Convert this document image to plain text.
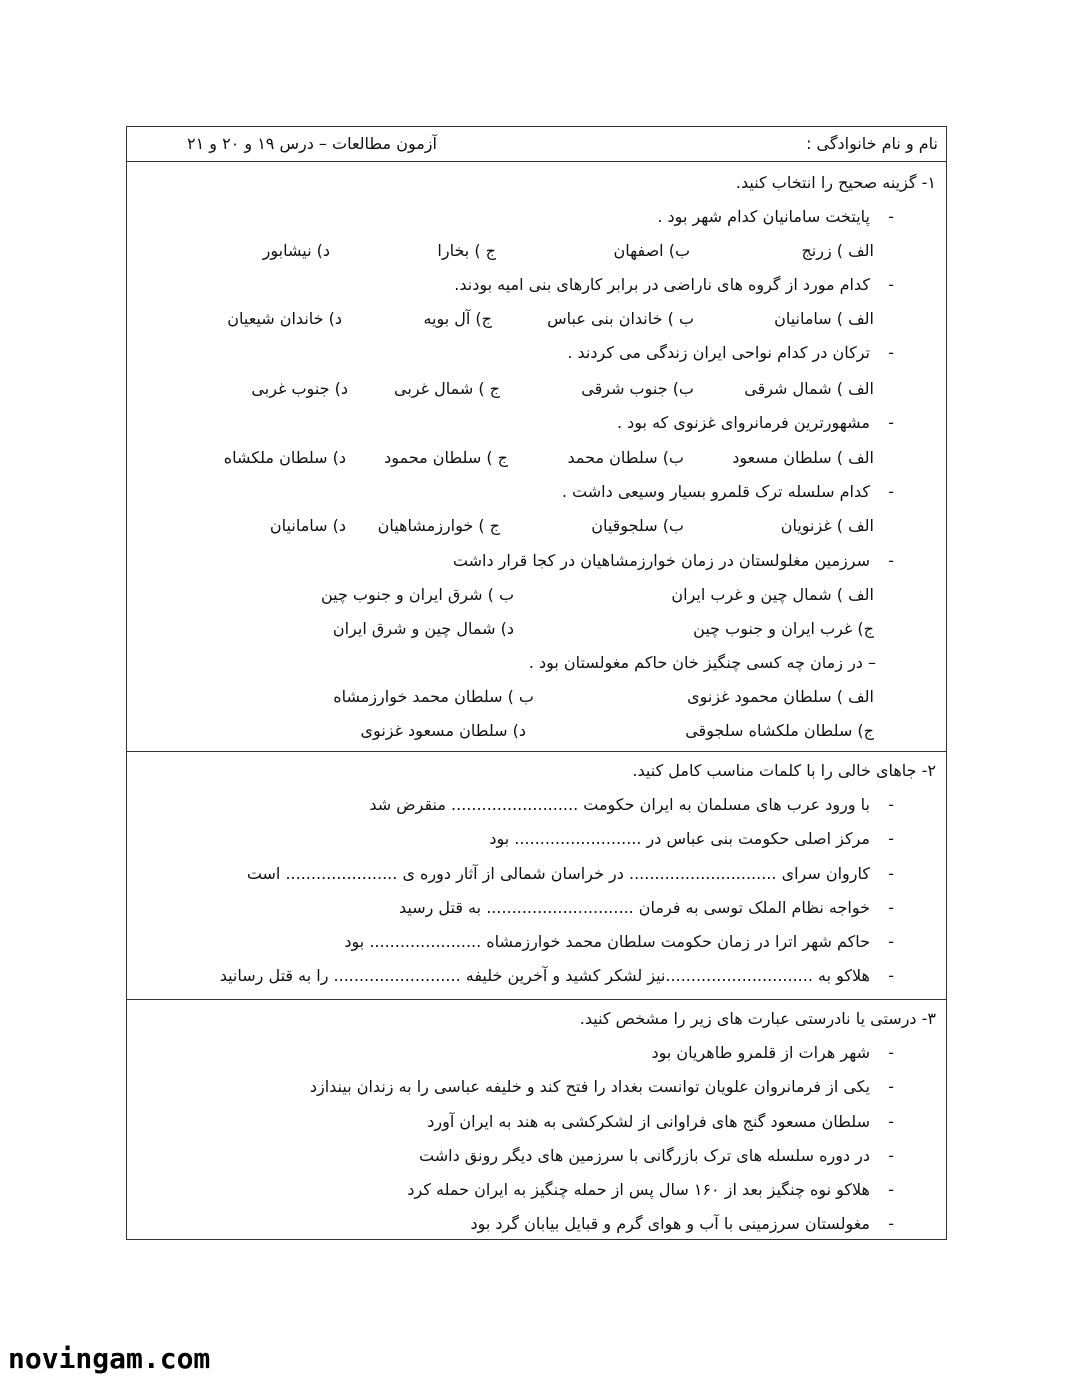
نام و نام خانوادگی :
آزمون مطالعات – درس ۱۹ و ۲۰ و ۲۱
۱- گزینه صحیح را انتخاب کنید.
-پایتخت سامانیان کدام شهر بود .
الف ) زرنج
ب) اصفهان
ج ) بخارا
د) نیشابور
-کدام مورد از گروه های ناراضی در برابر کارهای بنی امیه بودند.
الف ) سامانیان
ب ) خاندان بنی عباس
ج) آل بویه
د) خاندان شیعیان
-ترکان در کدام نواحی ایران زندگی می کردند .
الف ) شمال شرقی
ب) جنوب شرقی
ج ) شمال غربی
د) جنوب غربی
-مشهورترین فرمانروای غزنوی که بود .
الف ) سلطان مسعود
ب) سلطان محمد
ج ) سلطان محمود
د) سلطان ملکشاه
-کدام سلسله ترک قلمرو بسیار وسیعی داشت .
الف ) غزنویان
ب) سلجوقیان
ج ) خوارزمشاهیان
د) سامانیان
-سرزمین مغلولستان در زمان خوارزمشاهیان در کجا قرار داشت
الف ) شمال چین و غرب ایران
ب ) شرق ایران و جنوب چین
ج) غرب ایران و جنوب چین
د) شمال چین و شرق ایران
– در زمان چه کسی چنگیز خان حاکم مغولستان بود .
الف ) سلطان محمود غزنوی
ب ) سلطان محمد خوارزمشاه
ج) سلطان ملکشاه سلجوقی
د) سلطان مسعود غزنوی
۲- جاهای خالی را با کلمات مناسب کامل کنید.
-با ورود عرب های مسلمان به ایران حکومت ......................... منقرض شد
-مرکز اصلی حکومت بنی عباس در ......................... بود
-کاروان سرای ............................. در خراسان شمالی از آثار دوره ی ...................... است
-خواجه نظام الملک توسی به فرمان ............................. به قتل رسید
-حاکم شهر اترا در زمان حکومت سلطان محمد خوارزمشاه ...................... بود
-هلاکو به .............................نیز لشکر کشید و آخرین خلیفه ......................... را به قتل رسانید
۳- درستی یا نادرستی عبارت های زیر را مشخص کنید.
-شهر هرات از قلمرو طاهریان بود
-یکی از فرمانروان علویان توانست بغداد را فتح کند و خلیفه عباسی را به زندان بیندازد
-سلطان مسعود گنج های فراوانی از لشکرکشی به هند به ایران آورد
-در دوره سلسله های ترک بازرگانی با سرزمین های دیگر رونق داشت
-هلاکو نوه چنگیز بعد از ۱۶۰ سال پس از حمله چنگیز به ایران حمله کرد
-مغولستان سرزمینی با آب و هوای گرم و قبایل بیابان گرد بود
novingam.com
